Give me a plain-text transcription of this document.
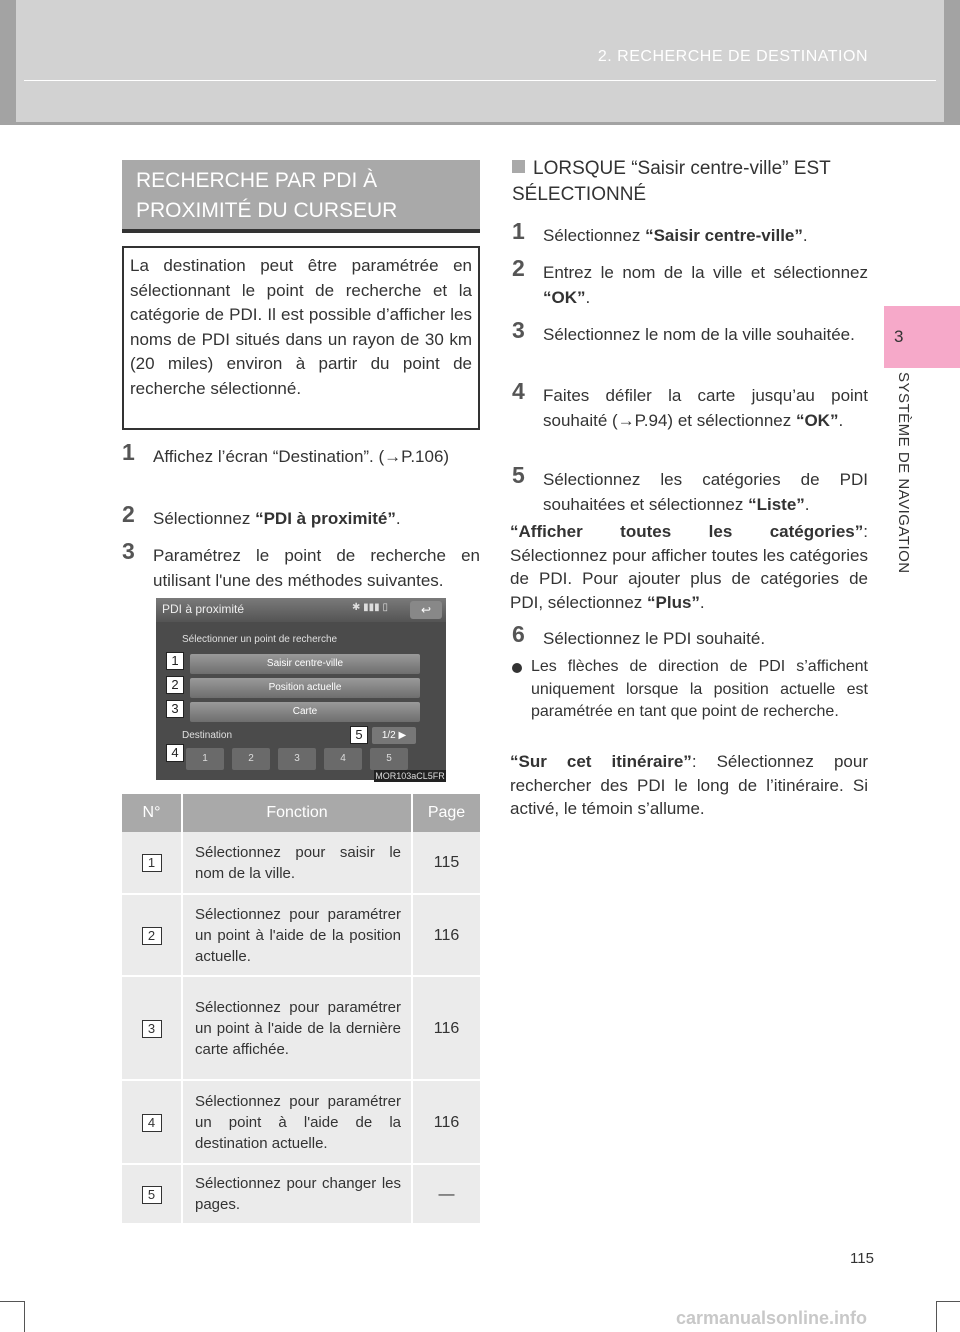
2. RECHERCHE DE DESTINATION
3
SYSTÈME DE NAVIGATION
RECHERCHE PAR PDI À
PROXIMITÉ DU CURSEUR
La destination peut être paramétrée en sélectionnant le point de recherche et la catégorie de PDI. Il est possible d’afficher les noms de PDI situés dans un rayon de 30 km (20 miles) environ à partir du point de recherche sélectionné.
1	Affichez l’écran “Destination”. (→P.106)
2	Sélectionnez “PDI à proximité”.
3	Paramétrez le point de recherche en utilisant l'une des méthodes suivantes.
PDI à proximité	✱ ▮▮▮ ▯	↩
Sélectionner un point de recherche
Saisir centre-ville
Position actuelle
Carte
Destination	1/2 ▶
1	2	3	4	5
1
2
3
4
5
MOR103aCL5FR
N°	Fonction	Page
1	Sélectionnez pour saisir le nom de la ville.	115
2	Sélectionnez pour paramétrer un point à l'aide de la position actuelle.	116
3	Sélectionnez pour paramétrer un point à l'aide de la dernière carte affichée.	116
4	Sélectionnez pour paramétrer un point à l'aide de la destination actuelle.	116
5	Sélectionnez pour changer les pages.	—
LORSQUE “Saisir centre-ville” EST SÉLECTIONNÉ
1	Sélectionnez “Saisir centre-ville”.
2	Entrez le nom de la ville et sélectionnez “OK”.
3	Sélectionnez le nom de la ville souhaitée.
4	Faites défiler la carte jusqu’au point souhaité (→P.94) et sélectionnez “OK”.
5	Sélectionnez les catégories de PDI souhaitées et sélectionnez “Liste”.
“Afficher toutes les catégories”: Sélectionnez pour afficher toutes les catégories de PDI. Pour ajouter plus de catégories de PDI, sélectionnez “Plus”.
6	Sélectionnez le PDI souhaité.
Les flèches de direction de PDI s’affichent uniquement lorsque la position actuelle est paramétrée en tant que point de recherche.
“Sur cet itinéraire”: Sélectionnez pour rechercher des PDI le long de l’itinéraire. Si activé, le témoin s’allume.
115
carmanualsonline.info
